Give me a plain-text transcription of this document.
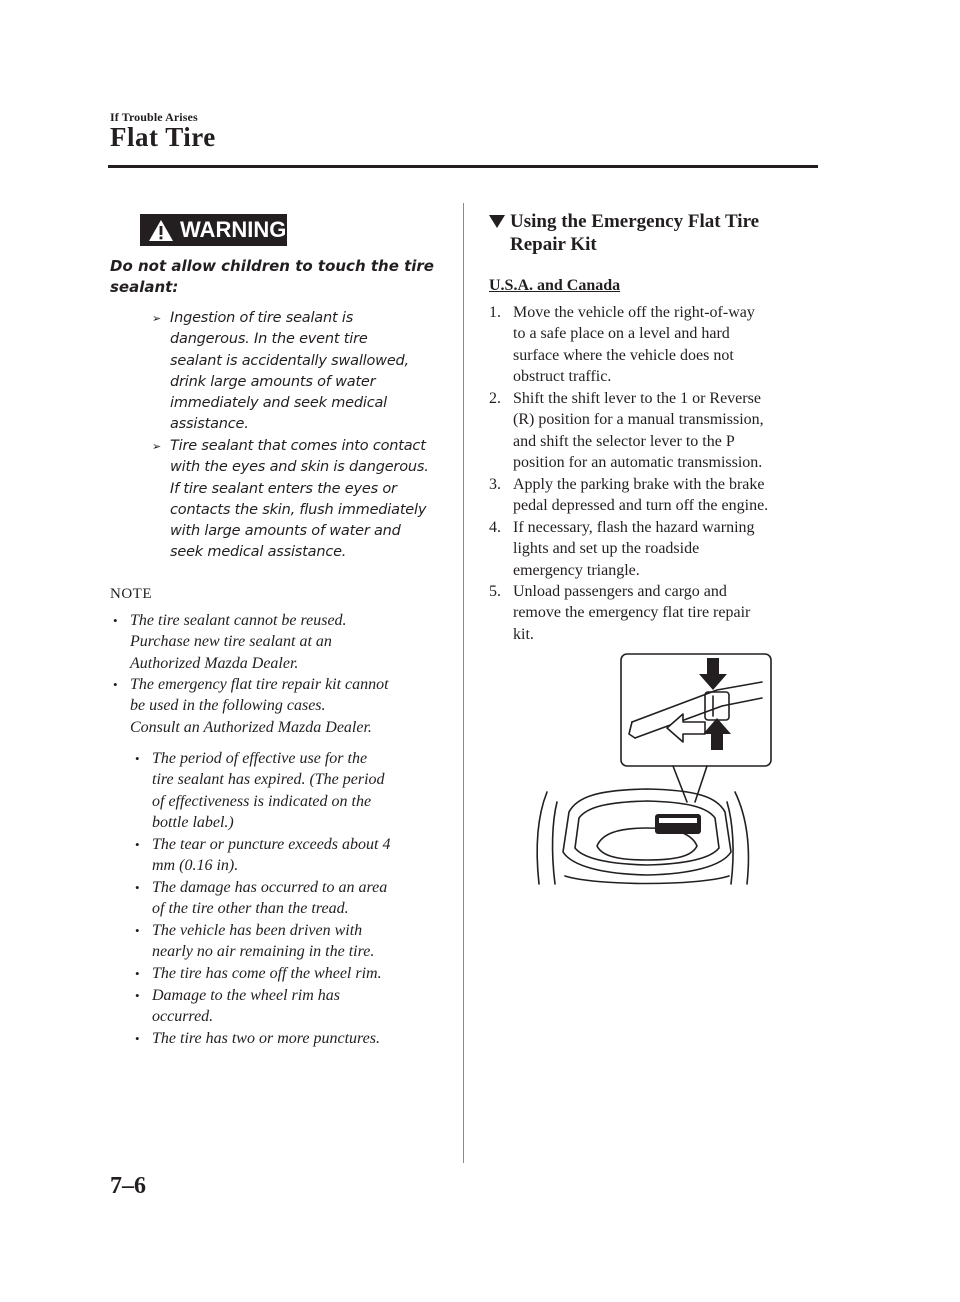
If Trouble Arises
Flat Tire
WARNING
Do not allow children to touch the tire
sealant:
➢ Ingestion of tire sealant is
dangerous. In the event tire
sealant is accidentally swallowed,
drink large amounts of water
immediately and seek medical
assistance.
➢ Tire sealant that comes into contact
with the eyes and skin is dangerous.
If tire sealant enters the eyes or
contacts the skin, flush immediately
with large amounts of water and
seek medical assistance.
NOTE
• The tire sealant cannot be reused.
Purchase new tire sealant at an
Authorized Mazda Dealer.
• The emergency flat tire repair kit cannot
be used in the following cases.
Consult an Authorized Mazda Dealer.
• The period of effective use for the
tire sealant has expired. (The period
of effectiveness is indicated on the
bottle label.)
• The tear or puncture exceeds about 4
mm (0.16 in).
• The damage has occurred to an area
of the tire other than the tread.
• The vehicle has been driven with
nearly no air remaining in the tire.
• The tire has come off the wheel rim.
• Damage to the wheel rim has
occurred.
• The tire has two or more punctures.
Using the Emergency Flat Tire
Repair Kit
U.S.A. and Canada
1. Move the vehicle off the right-of-way
to a safe place on a level and hard
surface where the vehicle does not
obstruct traffic.
2. Shift the shift lever to the 1 or Reverse
(R) position for a manual transmission,
and shift the selector lever to the P
position for an automatic transmission.
3. Apply the parking brake with the brake
pedal depressed and turn off the engine.
4. If necessary, flash the hazard warning
lights and set up the roadside
emergency triangle.
5. Unload passengers and cargo and
remove the emergency flat tire repair
kit.
7–6
